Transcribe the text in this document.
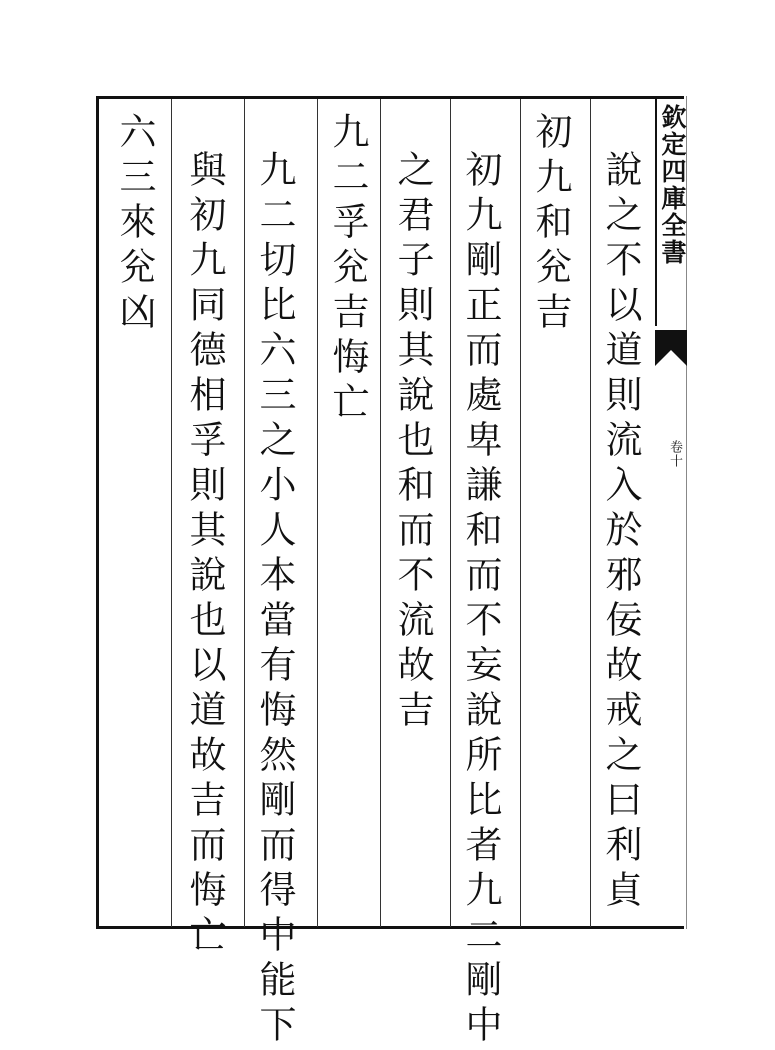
欽定四庫全書
卷十
說之不以道則流入於邪佞故戒之曰利貞
初九和兊吉
初九剛正而處卑謙和而不妄說所比者九二剛中
之君子則其說也和而不流故吉
九二孚兊吉悔亡
九二切比六三之小人本當有悔然剛而得中能下
與初九同德相孚則其說也以道故吉而悔亡
六三來兊凶
